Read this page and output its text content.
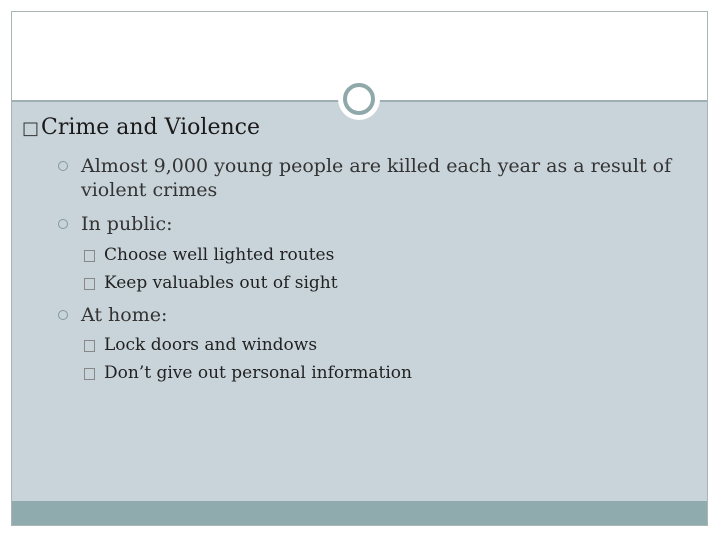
□Crime and Violence
Almost 9,000 young people are killed each year as a result of violent crimes
In public:
Choose well lighted routes
Keep valuables out of sight
At home:
Lock doors and windows
Don’t give out personal information
